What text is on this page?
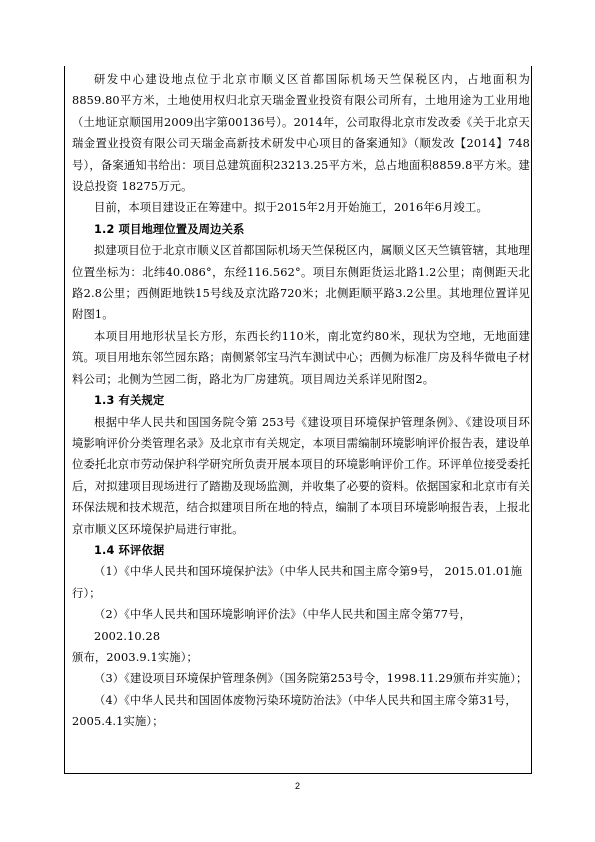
研发中心建设地点位于北京市顺义区首都国际机场天竺保税区内，占地面积为8859.80平方米，土地使用权归北京天瑞金置业投资有限公司所有，土地用途为工业用地（土地证京顺国用2009出字第00136号）。2014年，公司取得北京市发改委《关于北京天瑞金置业投资有限公司天瑞金高新技术研发中心项目的备案通知》（顺发改【2014】748号），备案通知书给出：项目总建筑面积23213.25平方米，总占地面积8859.8平方米。建设总投资 18275万元。
目前，本项目建设正在筹建中。拟于2015年2月开始施工，2016年6月竣工。
1.2 项目地理位置及周边关系
拟建项目位于北京市顺义区首都国际机场天竺保税区内，属顺义区天竺镇管辖，其地理位置坐标为：北纬40.086°，东经116.562°。项目东侧距货运北路1.2公里；南侧距天北路2.8公里；西侧距地铁15号线及京沈路720米；北侧距顺平路3.2公里。其地理位置详见附图1。
本项目用地形状呈长方形，东西长约110米，南北宽约80米，现状为空地，无地面建筑。项目用地东邻竺园东路；南侧紧邻宝马汽车测试中心；西侧为标准厂房及科华微电子材料公司；北侧为竺园二街，路北为厂房建筑。项目周边关系详见附图2。
1.3 有关规定
根据中华人民共和国国务院令第 253号《建设项目环境保护管理条例》、《建设项目环境影响评价分类管理名录》及北京市有关规定，本项目需编制环境影响评价报告表，建设单位委托北京市劳动保护科学研究所负责开展本项目的环境影响评价工作。环评单位接受委托后，对拟建项目现场进行了踏勘及现场监测，并收集了必要的资料。依据国家和北京市有关环保法规和技术规范，结合拟建项目所在地的特点，编制了本项目环境影响报告表，上报北京市顺义区环境保护局进行审批。
1.4 环评依据
（1）《中华人民共和国环境保护法》（中华人民共和国主席令第9号， 2015.01.01施
行）；
（2）《中华人民共和国环境影响评价法》（中华人民共和国主席令第77号，2002.10.28
颁布，2003.9.1实施）；
（3）《建设项目环境保护管理条例》（国务院第253号令，1998.11.29颁布并实施）；
（4）《中华人民共和国固体废物污染环境防治法》（中华人民共和国主席令第31号，
2005.4.1实施）；
2
